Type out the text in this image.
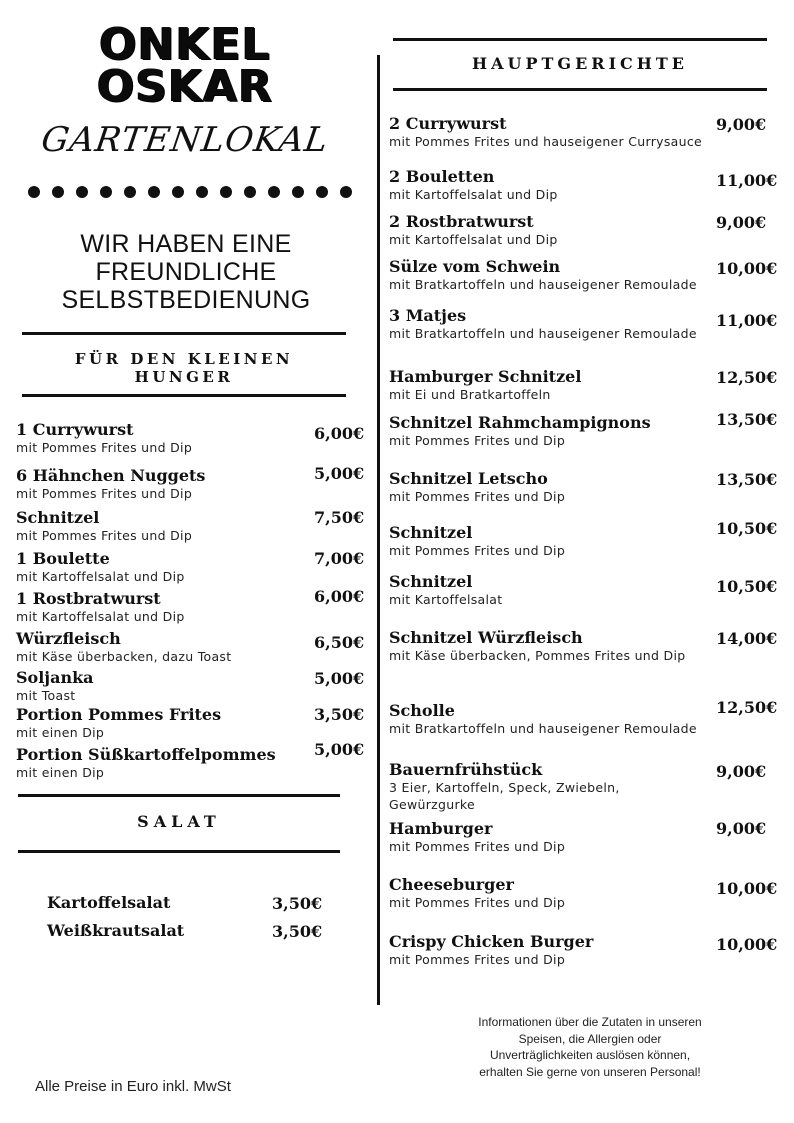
ONKEL
OSKAR
GARTENLOKAL
WIR HABEN EINE
FREUNDLICHE
SELBSTBEDIENUNG
FÜR DEN KLEINEN HUNGER
1 Currywurst
mit Pommes Frites und Dip
6,00€
6 Hähnchen Nuggets
mit Pommes Frites und Dip
5,00€
Schnitzel
mit Pommes Frites und Dip
7,50€
1 Boulette
mit Kartoffelsalat und Dip
7,00€
1 Rostbratwurst
mit Kartoffelsalat und Dip
6,00€
Würzfleisch
mit Käse überbacken, dazu Toast
6,50€
Soljanka
mit Toast
5,00€
Portion Pommes Frites
mit einen Dip
3,50€
Portion Süßkartoffelpommes
mit einen Dip
5,00€
SALAT
Kartoffelsalat	3,50€
Weißkrautsalat	3,50€
HAUPTGERICHTE
2 Currywurst
mit Pommes Frites und hauseigener Currysauce
9,00€
2 Bouletten
mit Kartoffelsalat und Dip
11,00€
2 Rostbratwurst
mit Kartoffelsalat und Dip
9,00€
Sülze vom Schwein
mit Bratkartoffeln und hauseigener Remoulade
10,00€
3 Matjes
mit Bratkartoffeln und hauseigener Remoulade
11,00€
Hamburger Schnitzel
mit Ei und Bratkartoffeln
12,50€
Schnitzel Rahmchampignons
mit Pommes Frites und Dip
13,50€
Schnitzel Letscho
mit Pommes Frites und Dip
13,50€
Schnitzel
mit Pommes Frites und Dip
10,50€
Schnitzel
mit Kartoffelsalat
10,50€
Schnitzel Würzfleisch
mit Käse überbacken, Pommes Frites und Dip
14,00€
Scholle
mit Bratkartoffeln und hauseigener Remoulade
12,50€
Bauernfrühstück
3 Eier, Kartoffeln, Speck, Zwiebeln, Gewürzgurke
9,00€
Hamburger
mit Pommes Frites und Dip
9,00€
Cheeseburger
mit Pommes Frites und Dip
10,00€
Crispy Chicken Burger
mit Pommes Frites und Dip
10,00€
Alle Preise in Euro inkl. MwSt
Informationen über die Zutaten in unseren Speisen, die Allergien oder Unverträglichkeiten auslösen können, erhalten Sie gerne von unseren Personal!
